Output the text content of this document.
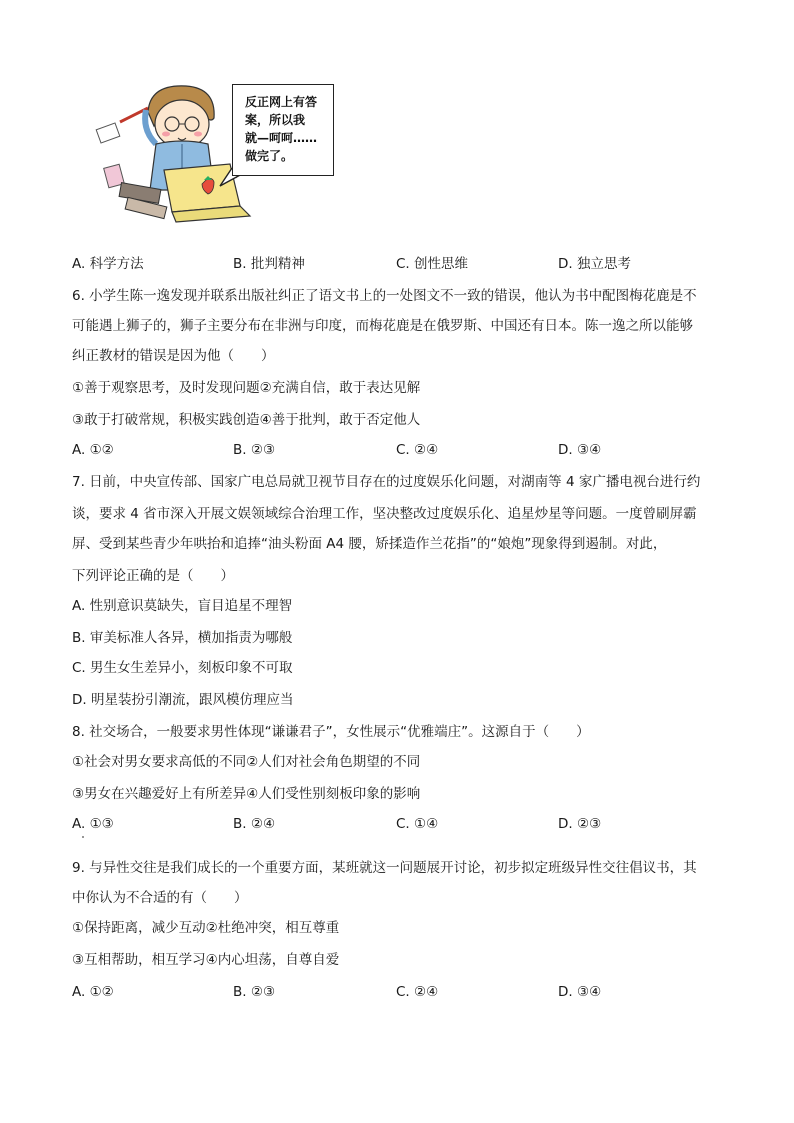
反正网上有答
案，所以我
就—呵呵……
做完了。
A. 科学方法	B. 批判精神	C. 创性思维	D. 独立思考
6. 小学生陈一逸发现并联系出版社纠正了语文书上的一处图文不一致的错误，他认为书中配图梅花鹿是不
可能遇上狮子的，狮子主要分布在非洲与印度，而梅花鹿是在俄罗斯、中国还有日本。陈一逸之所以能够
纠正教材的错误是因为他（　　）
①善于观察思考，及时发现问题②充满自信，敢于表达见解
③敢于打破常规，积极实践创造④善于批判，敢于否定他人
A. ①②	B. ②③	C. ②④	D. ③④
7. 日前，中央宣传部、国家广电总局就卫视节目存在的过度娱乐化问题，对湖南等 4 家广播电视台进行约
谈，要求 4 省市深入开展文娱领域综合治理工作，坚决整改过度娱乐化、追星炒星等问题。一度曾刷屏霸
屏、受到某些青少年哄抬和追捧“油头粉面 A4 腰，矫揉造作兰花指”的“娘炮”现象得到遏制。对此，
下列评论正确的是（　　）
A. 性别意识莫缺失，盲目追星不理智
B. 审美标准人各异，横加指责为哪般
C. 男生女生差异小，刻板印象不可取
D. 明星装扮引潮流，跟风模仿理应当
8. 社交场合，一般要求男性体现“谦谦君子”，女性展示“优雅端庄”。这源自于（　　）
①社会对男女要求高低的不同②人们对社会角色期望的不同
③男女在兴趣爱好上有所差异④人们受性别刻板印象的影响
A. ①③	B. ②④	C. ①④	D. ②③
9. 与异性交往是我们成长的一个重要方面，某班就这一问题展开讨论，初步拟定班级异性交往倡议书，其
中你认为不合适的有（　　）
①保持距离，减少互动②杜绝冲突，相互尊重
③互相帮助，相互学习④内心坦荡，自尊自爱
A. ①②	B. ②③	C. ②④	D. ③④
